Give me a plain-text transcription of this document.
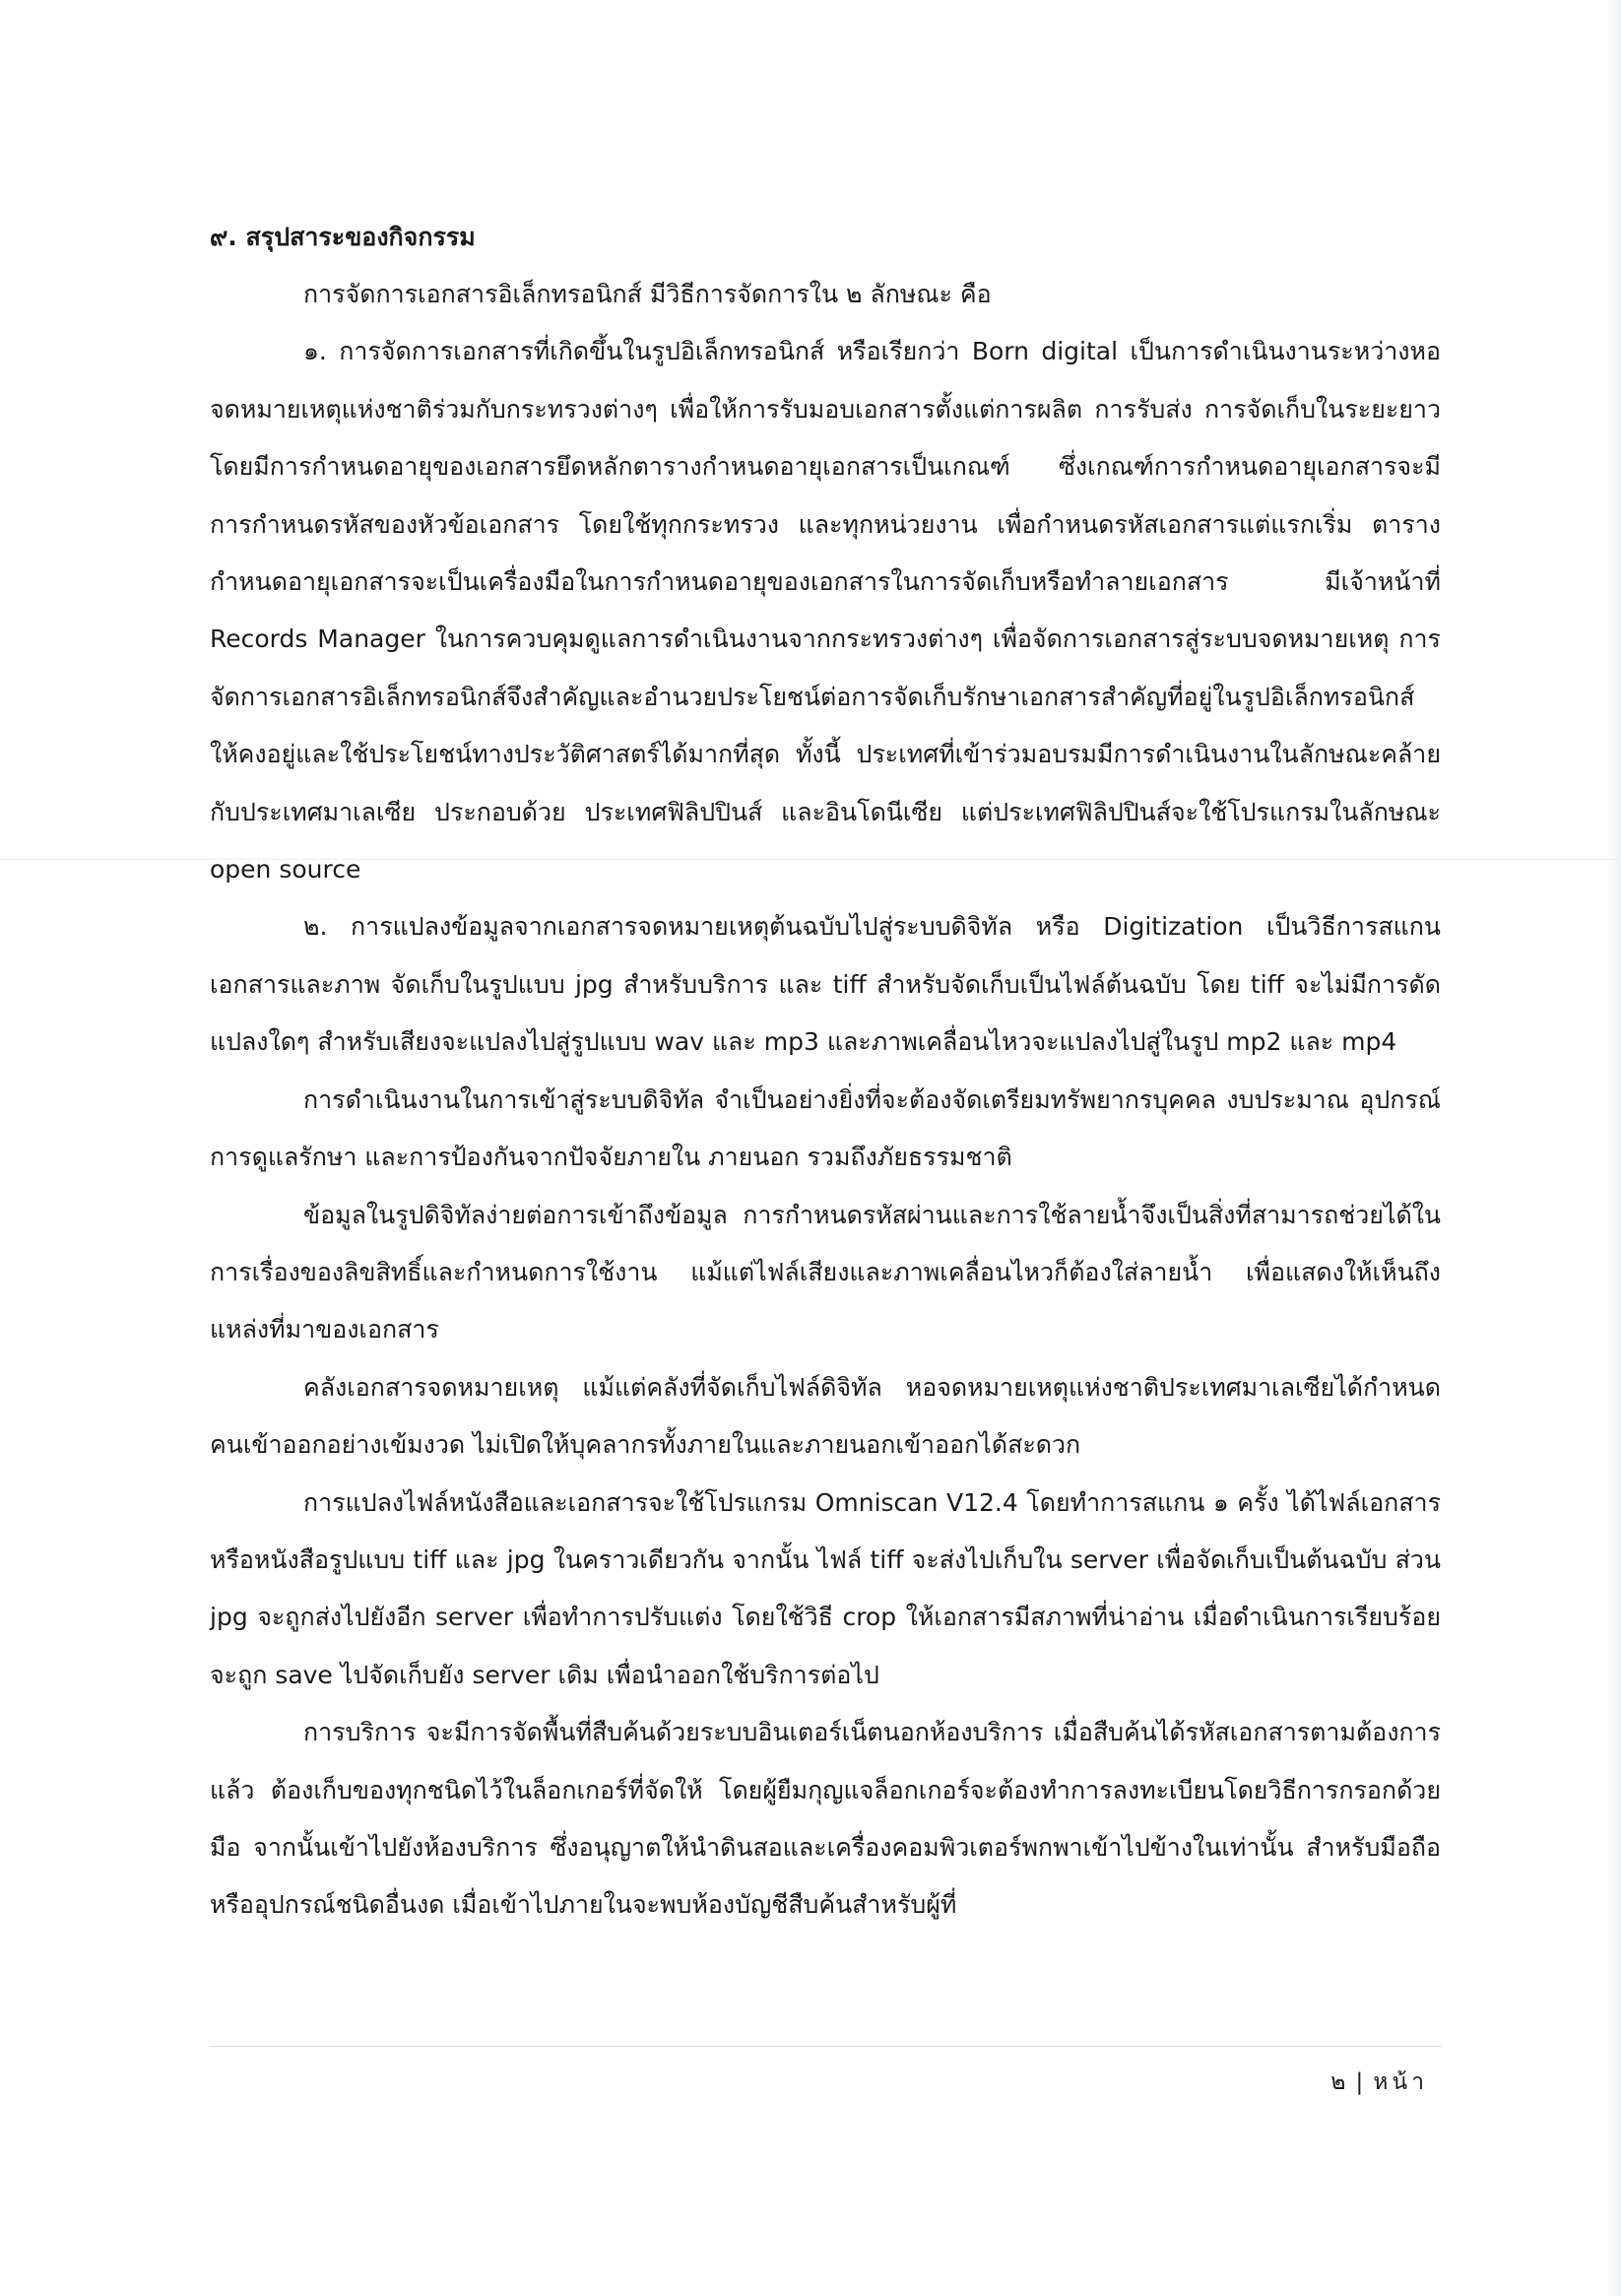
๙. สรุปสาระของกิจกรรม

การจัดการเอกสารอิเล็กทรอนิกส์ มีวิธีการจัดการใน ๒ ลักษณะ คือ

๑. การจัดการเอกสารที่เกิดขึ้นในรูปอิเล็กทรอนิกส์ หรือเรียกว่า Born digital เป็นการดำเนินงานระหว่างหอจดหมายเหตุแห่งชาติร่วมกับกระทรวงต่างๆ เพื่อให้การรับมอบเอกสารตั้งแต่การผลิต การรับส่ง การจัดเก็บในระยะยาว โดยมีการกำหนดอายุของเอกสารยึดหลักตารางกำหนดอายุเอกสารเป็นเกณฑ์ ซึ่งเกณฑ์การกำหนดอายุเอกสารจะมีการกำหนดรหัสของหัวข้อเอกสาร โดยใช้ทุกกระทรวง และทุกหน่วยงาน เพื่อกำหนดรหัสเอกสารแต่แรกเริ่ม ตารางกำหนดอายุเอกสารจะเป็นเครื่องมือในการกำหนดอายุของเอกสารในการจัดเก็บหรือทำลายเอกสาร มีเจ้าหน้าที่ Records Manager ในการควบคุมดูแลการดำเนินงานจากกระทรวงต่างๆ เพื่อจัดการเอกสารสู่ระบบจดหมายเหตุ การจัดการเอกสารอิเล็กทรอนิกส์จึงสำคัญและอำนวยประโยชน์ต่อการจัดเก็บรักษาเอกสารสำคัญที่อยู่ในรูปอิเล็กทรอนิกส์ให้คงอยู่และใช้ประโยชน์ทางประวัติศาสตร์ได้มากที่สุด ทั้งนี้ ประเทศที่เข้าร่วมอบรมมีการดำเนินงานในลักษณะคล้ายกับประเทศมาเลเซีย ประกอบด้วย ประเทศฟิลิปปินส์ และอินโดนีเซีย แต่ประเทศฟิลิปปินส์จะใช้โปรแกรมในลักษณะ open source

๒. การแปลงข้อมูลจากเอกสารจดหมายเหตุต้นฉบับไปสู่ระบบดิจิทัล หรือ Digitization เป็นวิธีการสแกนเอกสารและภาพ จัดเก็บในรูปแบบ jpg สำหรับบริการ และ tiff สำหรับจัดเก็บเป็นไฟล์ต้นฉบับ โดย tiff จะไม่มีการดัดแปลงใดๆ สำหรับเสียงจะแปลงไปสู่รูปแบบ wav และ mp3 และภาพเคลื่อนไหวจะแปลงไปสู่ในรูป mp2 และ mp4

การดำเนินงานในการเข้าสู่ระบบดิจิทัล จำเป็นอย่างยิ่งที่จะต้องจัดเตรียมทรัพยากรบุคคล งบประมาณ อุปกรณ์ การดูแลรักษา และการป้องกันจากปัจจัยภายใน ภายนอก รวมถึงภัยธรรมชาติ

ข้อมูลในรูปดิจิทัลง่ายต่อการเข้าถึงข้อมูล การกำหนดรหัสผ่านและการใช้ลายน้ำจึงเป็นสิ่งที่สามารถช่วยได้ในการเรื่องของลิขสิทธิ์และกำหนดการใช้งาน แม้แต่ไฟล์เสียงและภาพเคลื่อนไหวก็ต้องใส่ลายน้ำ เพื่อแสดงให้เห็นถึงแหล่งที่มาของเอกสาร

คลังเอกสารจดหมายเหตุ แม้แต่คลังที่จัดเก็บไฟล์ดิจิทัล หอจดหมายเหตุแห่งชาติประเทศมาเลเซียได้กำหนดคนเข้าออกอย่างเข้มงวด ไม่เปิดให้บุคลากรทั้งภายในและภายนอกเข้าออกได้สะดวก

การแปลงไฟล์หนังสือและเอกสารจะใช้โปรแกรม Omniscan V12.4 โดยทำการสแกน ๑ ครั้ง ได้ไฟล์เอกสารหรือหนังสือรูปแบบ tiff และ jpg ในคราวเดียวกัน จากนั้น ไฟล์ tiff จะส่งไปเก็บใน server เพื่อจัดเก็บเป็นต้นฉบับ ส่วน jpg จะถูกส่งไปยังอีก server เพื่อทำการปรับแต่ง โดยใช้วิธี crop ให้เอกสารมีสภาพที่น่าอ่าน เมื่อดำเนินการเรียบร้อยจะถูก save ไปจัดเก็บยัง server เดิม เพื่อนำออกใช้บริการต่อไป

การบริการ จะมีการจัดพื้นที่สืบค้นด้วยระบบอินเตอร์เน็ตนอกห้องบริการ เมื่อสืบค้นได้รหัสเอกสารตามต้องการแล้ว ต้องเก็บของทุกชนิดไว้ในล็อกเกอร์ที่จัดให้ โดยผู้ยืมกุญแจล็อกเกอร์จะต้องทำการลงทะเบียนโดยวิธีการกรอกด้วยมือ จากนั้นเข้าไปยังห้องบริการ ซึ่งอนุญาตให้นำดินสอและเครื่องคอมพิวเตอร์พกพาเข้าไปข้างในเท่านั้น สำหรับมือถือหรืออุปกรณ์ชนิดอื่นงด เมื่อเข้าไปภายในจะพบห้องบัญชีสืบค้นสำหรับผู้ที่

๒ | หน้า
